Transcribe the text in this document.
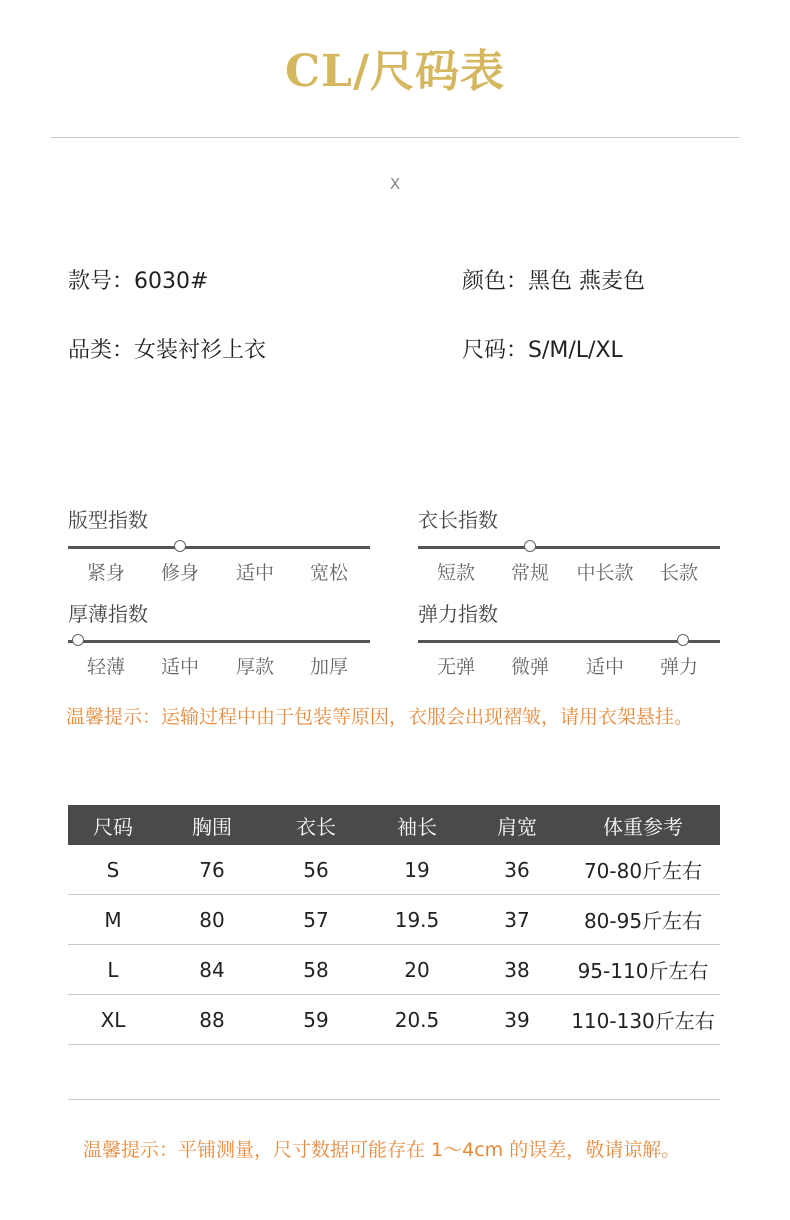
CL/尺码表
X
款号：6030#	颜色：黑色 燕麦色
品类：女装衬衫上衣	尺码：S/M/L/XL
版型指数
紧身 修身 适中 宽松
衣长指数
短款 常规 中长款 长款
厚薄指数
轻薄 适中 厚款 加厚
弹力指数
无弹 微弹 适中 弹力
温馨提示：运输过程中由于包装等原因，衣服会出现褶皱，请用衣架悬挂。
尺码	胸围	衣长	袖长	肩宽	体重参考
S	76	56	19	36	70-80斤左右
M	80	57	19.5	37	80-95斤左右
L	84	58	20	38	95-110斤左右
XL	88	59	20.5	39	110-130斤左右
温馨提示：平铺测量，尺寸数据可能存在 1～4cm 的误差，敬请谅解。
